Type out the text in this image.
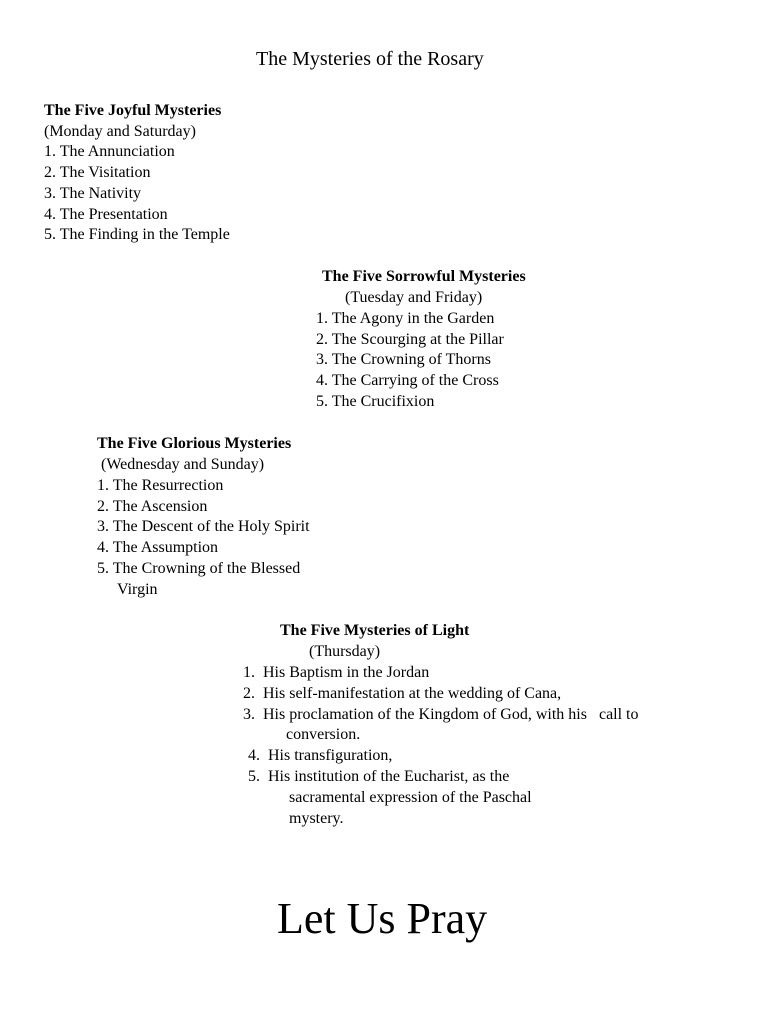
The Mysteries of the Rosary
The Five Joyful Mysteries
(Monday and Saturday)
1. The Annunciation
2. The Visitation
3. The Nativity
4. The Presentation
5. The Finding in the Temple
The Five Sorrowful Mysteries
(Tuesday and Friday)
1. The Agony in the Garden
2. The Scourging at the Pillar
3. The Crowning of Thorns
4. The Carrying of the Cross
5. The Crucifixion
The Five Glorious Mysteries
(Wednesday and Sunday)
1. The Resurrection
2. The Ascension
3. The Descent of the Holy Spirit
4. The Assumption
5. The Crowning of the Blessed
Virgin
The Five Mysteries of Light
(Thursday)
1.  His Baptism in the Jordan
2.  His self-manifestation at the wedding of Cana,
3.  His proclamation of the Kingdom of God, with his   call to
conversion.
4.  His transfiguration,
5.  His institution of the Eucharist, as the
sacramental expression of the Paschal
mystery.
Let Us Pray
